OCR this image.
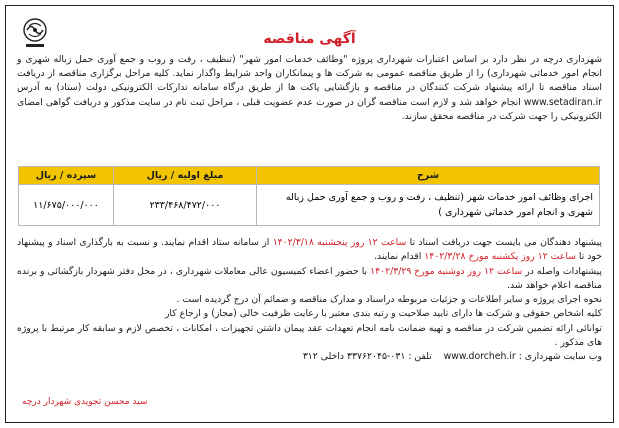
آگهی مناقصه

شهرداری درچه در نظر دارد بر اساس اعتبارات شهرداری پروژه "وظائف خدمات امور شهر" (تنظیف ، رفت و روب و جمع آوری حمل زباله شهری و انجام امور خدماتی شهرداری) را از طریق مناقصه عمومی به شرکت ها و پیمانکاران واجد شرایط واگذار نماید. کلیه مراحل برگزاری مناقصه از دریافت اسناد مناقصه تا ارائه پیشنهاد شرکت کنندگان در مناقصه و بازگشایی پاکت ها از طریق درگاه سامانه تدارکات الکترونیکی دولت (ستاد) به آدرس www.setadiran.ir انجام خواهد شد و لازم است مناقصه گران در صورت عدم عضویت قبلی ، مراحل ثبت نام در سایت مذکور و دریافت گواهی امضای الکترونیکی را جهت شرکت در مناقصه محقق سازند.

شرح	مبلغ اولیه / ریال	سپرده / ریال
اجرای وظائف امور خدمات شهر (تنظیف ، رفت و روب و جمع آوری حمل زباله شهری و انجام امور خدماتی شهرداری )	۲۳۳/۴۶۸/۴۷۲/۰۰۰	۱۱/۶۷۵/۰۰۰/۰۰۰

پیشنهاد دهندگان می بایست جهت دریافت اسناد تا ساعت ۱۲ روز پنجشنبه ۱۴۰۲/۳/۱۸ از سامانه ستاد اقدام نمایند. و نسبت به بارگذاری اسناد و پیشنهاد خود تا ساعت ۱۲ روز یکشنبه مورخ ۱۴۰۲/۳/۲۸ اقدام نمایند.

پیشنهادات واصله در ساعت ۱۲ روز دوشنبه مورخ ۱۴۰۲/۳/۲۹ با حضور اعضاء کمیسیون عالی معاملات شهرداری ، در محل دفتر شهردار بازگشائی و برنده مناقصه اعلام خواهد شد.

نحوه اجرای پروژه و سایر اطلاعات و جزئیات مربوطه دراسناد و مدارک مناقصه و ضمائم آن درج گردیده است .

کلیه اشخاص حقوقی و شرکت ها دارای تایید صلاحیت و رتبه بندی معتبر با رعایت ظرفیت خالی (مجاز) و ارجاع کار

توانائی ارائه تضمین شرکت در مناقصه و تهیه ضمانت نامه انجام تعهدات عقد پیمان داشتن تجهیزات ، امکانات ، تخصص لازم و سابقه کار مرتبط با پروژه های مذکور .

وب سایت شهرداری : www.dorcheh.ir    تلفن : ۰۳۱-۳۳۷۶۲۰۴۵ داخلی ۳۱۲

سید محسن تجویدی شهردار درچه
